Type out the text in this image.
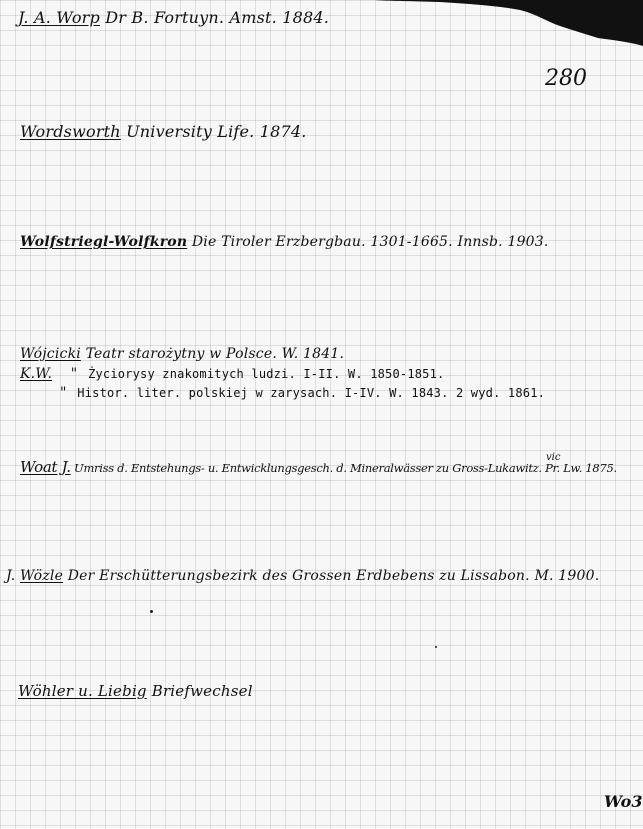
280
J. A. Worp Dr B. Fortuyn. Amst. 1884.
Wordsworth University Life. 1874.
Wolfstriegl-Wolfkron Die Tiroler Erzbergbau. 1301-1665. Innsb. 1903.
Wójcicki Teatr starożytny w Polsce. W. 1841.
K.W. " Życiorysy znakomitych ludzi. I-II. W. 1850-1851.
" Histor. liter. polskiej w zarysach. I-IV. W. 1843. 2 wyd. 1861.
Woat J. Umriss d. Entstehungs- u. Entwicklungsgesch. d. Mineralwässer zu Gross-Lukawitz. Pr. Lw. 1875.
vic
J. Wözle Der Erschütterungsbezirk des Grossen Erdbebens zu Lissabon. M. 1900.
Wöhler u. Liebig Briefwechsel
Wo3
